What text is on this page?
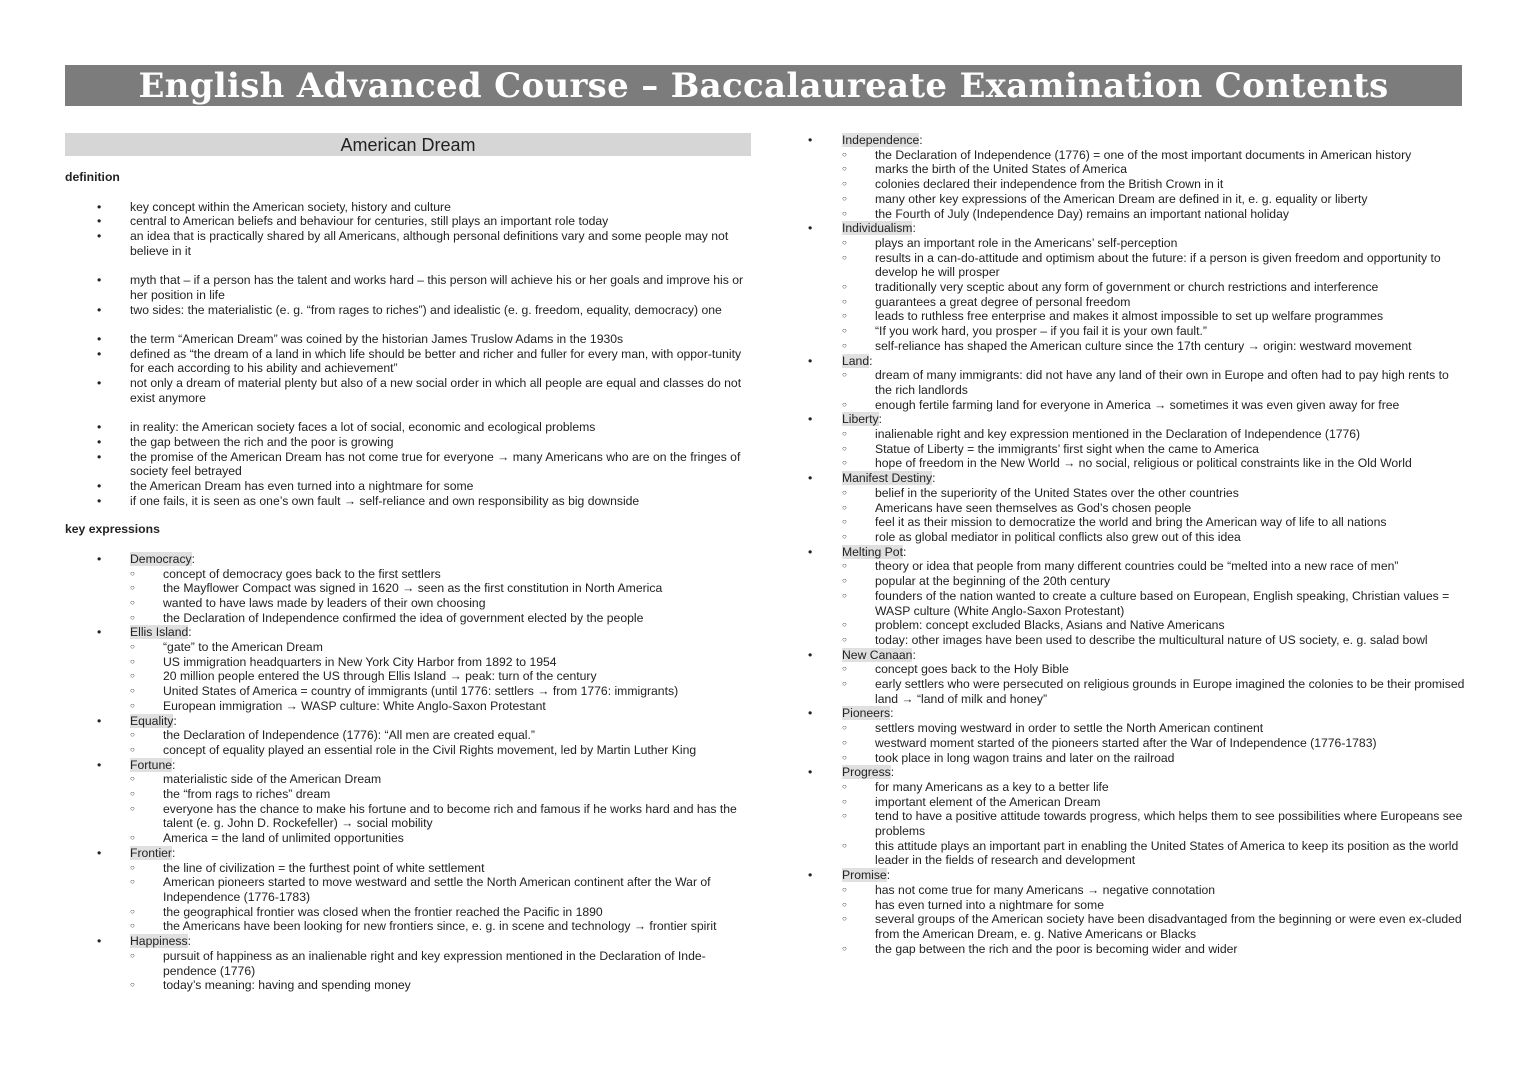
English Advanced Course – Baccalaureate Examination Contents
American Dream
definition
• key concept within the American society, history and culture
• central to American beliefs and behaviour for centuries, still plays an important role today
• an idea that is practically shared by all Americans, although personal definitions vary and some people may not believe in it
• myth that – if a person has the talent and works hard – this person will achieve his or her goals and improve his or her position in life
• two sides: the materialistic (e. g. “from rages to riches”) and idealistic (e. g. freedom, equality, democracy) one
• the term “American Dream” was coined by the historian James Truslow Adams in the 1930s
• defined as “the dream of a land in which life should be better and richer and fuller for every man, with oppor-tunity for each according to his ability and achievement”
• not only a dream of material plenty but also of a new social order in which all people are equal and classes do not exist anymore
• in reality: the American society faces a lot of social, economic and ecological problems
• the gap between the rich and the poor is growing
• the promise of the American Dream has not come true for everyone → many Americans who are on the fringes of society feel betrayed
• the American Dream has even turned into a nightmare for some
• if one fails, it is seen as one’s own fault → self-reliance and own responsibility as big downside
key expressions
• Democracy:
○ concept of democracy goes back to the first settlers
○ the Mayflower Compact was signed in 1620 → seen as the first constitution in North America
○ wanted to have laws made by leaders of their own choosing
○ the Declaration of Independence confirmed the idea of government elected by the people
• Ellis Island:
○ “gate” to the American Dream
○ US immigration headquarters in New York City Harbor from 1892 to 1954
○ 20 million people entered the US through Ellis Island → peak: turn of the century
○ United States of America = country of immigrants (until 1776: settlers → from 1776: immigrants)
○ European immigration → WASP culture: White Anglo-Saxon Protestant
• Equality:
○ the Declaration of Independence (1776): “All men are created equal.”
○ concept of equality played an essential role in the Civil Rights movement, led by Martin Luther King
• Fortune:
○ materialistic side of the American Dream
○ the “from rags to riches” dream
○ everyone has the chance to make his fortune and to become rich and famous if he works hard and has the talent (e. g. John D. Rockefeller) → social mobility
○ America = the land of unlimited opportunities
• Frontier:
○ the line of civilization = the furthest point of white settlement
○ American pioneers started to move westward and settle the North American continent after the War of Independence (1776-1783)
○ the geographical frontier was closed when the frontier reached the Pacific in 1890
○ the Americans have been looking for new frontiers since, e. g. in scene and technology → frontier spirit
• Happiness:
○ pursuit of happiness as an inalienable right and key expression mentioned in the Declaration of Inde-pendence (1776)
○ today’s meaning: having and spending money
• Independence:
○ the Declaration of Independence (1776) = one of the most important documents in American history
○ marks the birth of the United States of America
○ colonies declared their independence from the British Crown in it
○ many other key expressions of the American Dream are defined in it, e. g. equality or liberty
○ the Fourth of July (Independence Day) remains an important national holiday
• Individualism:
○ plays an important role in the Americans’ self-perception
○ results in a can-do-attitude and optimism about the future: if a person is given freedom and opportunity to develop he will prosper
○ traditionally very sceptic about any form of government or church restrictions and interference
○ guarantees a great degree of personal freedom
○ leads to ruthless free enterprise and makes it almost impossible to set up welfare programmes
○ “If you work hard, you prosper – if you fail it is your own fault.”
○ self-reliance has shaped the American culture since the 17th century → origin: westward movement
• Land:
○ dream of many immigrants: did not have any land of their own in Europe and often had to pay high rents to the rich landlords
○ enough fertile farming land for everyone in America → sometimes it was even given away for free
• Liberty:
○ inalienable right and key expression mentioned in the Declaration of Independence (1776)
○ Statue of Liberty = the immigrants’ first sight when the came to America
○ hope of freedom in the New World → no social, religious or political constraints like in the Old World
• Manifest Destiny:
○ belief in the superiority of the United States over the other countries
○ Americans have seen themselves as God’s chosen people
○ feel it as their mission to democratize the world and bring the American way of life to all nations
○ role as global mediator in political conflicts also grew out of this idea
• Melting Pot:
○ theory or idea that people from many different countries could be “melted into a new race of men”
○ popular at the beginning of the 20th century
○ founders of the nation wanted to create a culture based on European, English speaking, Christian values = WASP culture (White Anglo-Saxon Protestant)
○ problem: concept excluded Blacks, Asians and Native Americans
○ today: other images have been used to describe the multicultural nature of US society, e. g. salad bowl
• New Canaan:
○ concept goes back to the Holy Bible
○ early settlers who were persecuted on religious grounds in Europe imagined the colonies to be their promised land → “land of milk and honey”
• Pioneers:
○ settlers moving westward in order to settle the North American continent
○ westward moment started of the pioneers started after the War of Independence (1776-1783)
○ took place in long wagon trains and later on the railroad
• Progress:
○ for many Americans as a key to a better life
○ important element of the American Dream
○ tend to have a positive attitude towards progress, which helps them to see possibilities where Europeans see problems
○ this attitude plays an important part in enabling the United States of America to keep its position as the world leader in the fields of research and development
• Promise:
○ has not come true for many Americans → negative connotation
○ has even turned into a nightmare for some
○ several groups of the American society have been disadvantaged from the beginning or were even ex-cluded from the American Dream, e. g. Native Americans or Blacks
○ the gap between the rich and the poor is becoming wider and wider
